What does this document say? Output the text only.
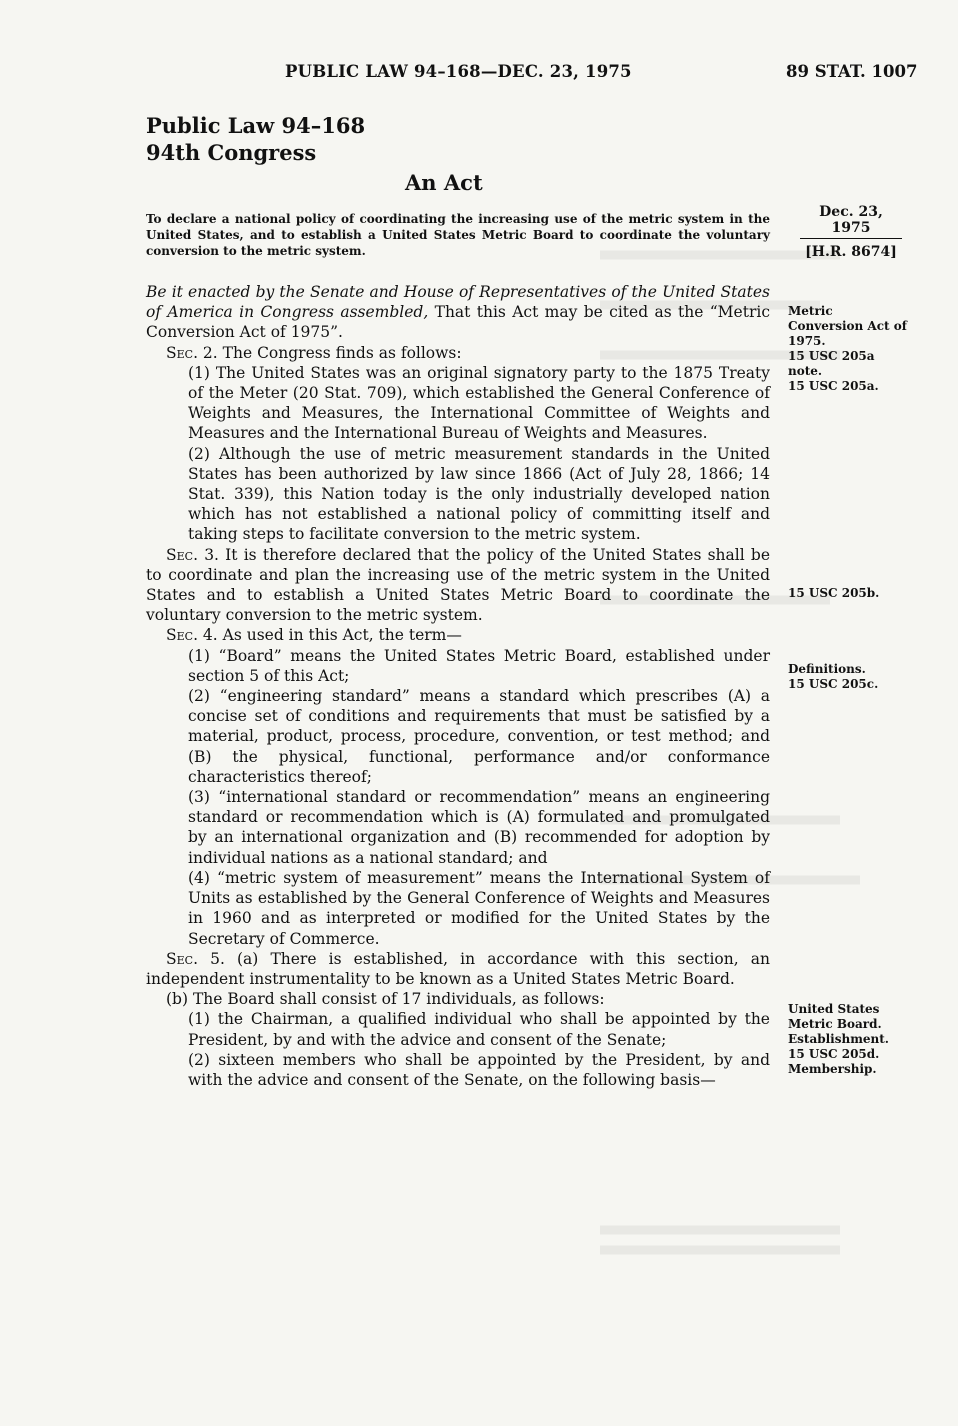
PUBLIC LAW 94–168—DEC. 23, 1975	89 STAT. 1007
Public Law 94–168
94th Congress
An Act
To declare a national policy of coordinating the increasing use of the metric system in the United States, and to establish a United States Metric Board to coordinate the voluntary conversion to the metric system.
Dec. 23, 1975
[H.R. 8674]

Be it enacted by the Senate and House of Representatives of the United States of America in Congress assembled, That this Act may be cited as the “Metric Conversion Act of 1975”.

Sec. 2. The Congress finds as follows:

(1) The United States was an original signatory party to the 1875 Treaty of the Meter (20 Stat. 709), which established the General Conference of Weights and Measures, the International Committee of Weights and Measures and the International Bureau of Weights and Measures.

(2) Although the use of metric measurement standards in the United States has been authorized by law since 1866 (Act of July 28, 1866; 14 Stat. 339), this Nation today is the only industrially developed nation which has not established a national policy of committing itself and taking steps to facilitate conversion to the metric system.

Sec. 3. It is therefore declared that the policy of the United States shall be to coordinate and plan the increasing use of the metric system in the United States and to establish a United States Metric Board to coordinate the voluntary conversion to the metric system.

Sec. 4. As used in this Act, the term—

(1) “Board” means the United States Metric Board, established under section 5 of this Act;

(2) “engineering standard” means a standard which prescribes (A) a concise set of conditions and requirements that must be satisfied by a material, product, process, procedure, convention, or test method; and (B) the physical, functional, performance and/or conformance characteristics thereof;

(3) “international standard or recommendation” means an engineering standard or recommendation which is (A) formulated and promulgated by an international organization and (B) recommended for adoption by individual nations as a national standard; and

(4) “metric system of measurement” means the International System of Units as established by the General Conference of Weights and Measures in 1960 and as interpreted or modified for the United States by the Secretary of Commerce.

Sec. 5. (a) There is established, in accordance with this section, an independent instrumentality to be known as a United States Metric Board.

(b) The Board shall consist of 17 individuals, as follows:

(1) the Chairman, a qualified individual who shall be appointed by the President, by and with the advice and consent of the Senate;

(2) sixteen members who shall be appointed by the President, by and with the advice and consent of the Senate, on the following basis—

Metric
Conversion Act of
1975.
15 USC 205a
note.
15 USC 205a.
15 USC 205b.
Definitions.
15 USC 205c.
United States
Metric Board.
Establishment.
15 USC 205d.
Membership.
